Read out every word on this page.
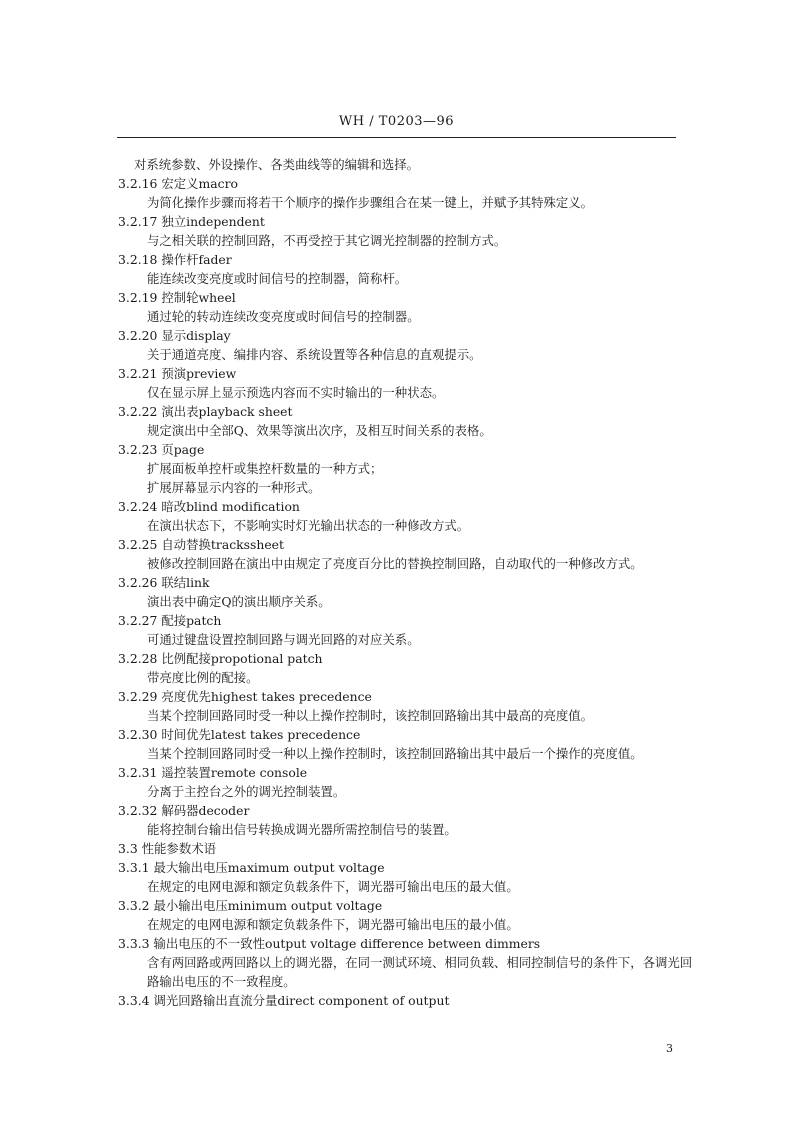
WH / T0203—96
对系统参数、外设操作、各类曲线等的编辑和选择。
3.2.16 宏定义macro
为简化操作步骤而将若干个顺序的操作步骤组合在某一键上，并赋予其特殊定义。
3.2.17 独立independent
与之相关联的控制回路，不再受控于其它调光控制器的控制方式。
3.2.18 操作杆fader
能连续改变亮度或时间信号的控制器，简称杆。
3.2.19 控制轮wheel
通过轮的转动连续改变亮度或时间信号的控制器。
3.2.20 显示display
关于通道亮度、编排内容、系统设置等各种信息的直观提示。
3.2.21 预演preview
仅在显示屏上显示预选内容而不实时输出的一种状态。
3.2.22 演出表playback sheet
规定演出中全部Q、效果等演出次序，及相互时间关系的表格。
3.2.23 页page
扩展面板单控杆或集控杆数量的一种方式；
扩展屏幕显示内容的一种形式。
3.2.24 暗改blind modification
在演出状态下，不影响实时灯光输出状态的一种修改方式。
3.2.25 自动替换trackssheet
被修改控制回路在演出中由规定了亮度百分比的替换控制回路，自动取代的一种修改方式。
3.2.26 联结link
演出表中确定Q的演出顺序关系。
3.2.27 配接patch
可通过键盘设置控制回路与调光回路的对应关系。
3.2.28 比例配接propotional patch
带亮度比例的配接。
3.2.29 亮度优先highest takes precedence
当某个控制回路同时受一种以上操作控制时，该控制回路输出其中最高的亮度值。
3.2.30 时间优先latest takes precedence
当某个控制回路同时受一种以上操作控制时，该控制回路输出其中最后一个操作的亮度值。
3.2.31 遥控装置remote console
分离于主控台之外的调光控制装置。
3.2.32 解码器decoder
能将控制台输出信号转换成调光器所需控制信号的装置。
3.3 性能参数术语
3.3.1 最大输出电压maximum output voltage
在规定的电网电源和额定负载条件下，调光器可输出电压的最大值。
3.3.2 最小输出电压minimum output voltage
在规定的电网电源和额定负载条件下，调光器可输出电压的最小值。
3.3.3 输出电压的不一致性output voltage difference between dimmers
含有两回路或两回路以上的调光器，在同一测试环境、相同负载、相同控制信号的条件下，各调光回
路输出电压的不一致程度。
3.3.4 调光回路输出直流分量direct component of output
3
